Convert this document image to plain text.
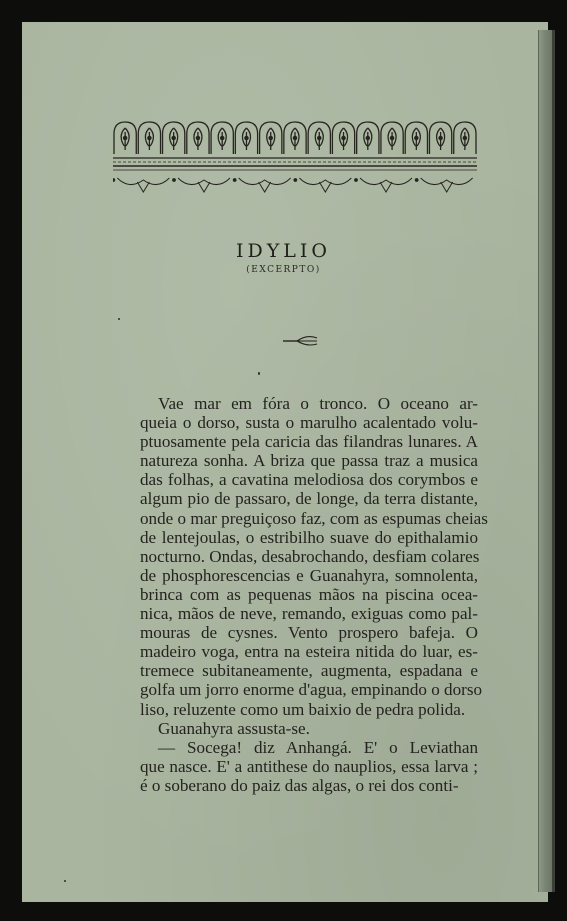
IDYLIO
(EXCERPTO)
Vae mar em fóra o tronco. O oceano ar-
queia o dorso, susta o marulho acalentado volu-
ptuosamente pela caricia das filandras lunares. A
natureza sonha. A briza que passa traz a musica
das folhas, a cavatina melodiosa dos corymbos e
algum pio de passaro, de longe, da terra distante,
onde o mar preguiçoso faz, com as espumas cheias
de lentejoulas, o estribilho suave do epithalamio
nocturno. Ondas, desabrochando, desfiam colares
de phosphorescencias e Guanahyra, somnolenta,
brinca com as pequenas mãos na piscina ocea-
nica, mãos de neve, remando, exiguas como pal-
mouras de cysnes. Vento prospero bafeja. O
madeiro voga, entra na esteira nitida do luar, es-
tremece subitaneamente, augmenta, espadana e
golfa um jorro enorme d'agua, empinando o dorso
liso, reluzente como um baixio de pedra polida.
Guanahyra assusta-se.
— Socega! diz Anhangá. E' o Leviathan
que nasce. E' a antithese do nauplios, essa larva ;
é o soberano do paiz das algas, o rei dos conti-
